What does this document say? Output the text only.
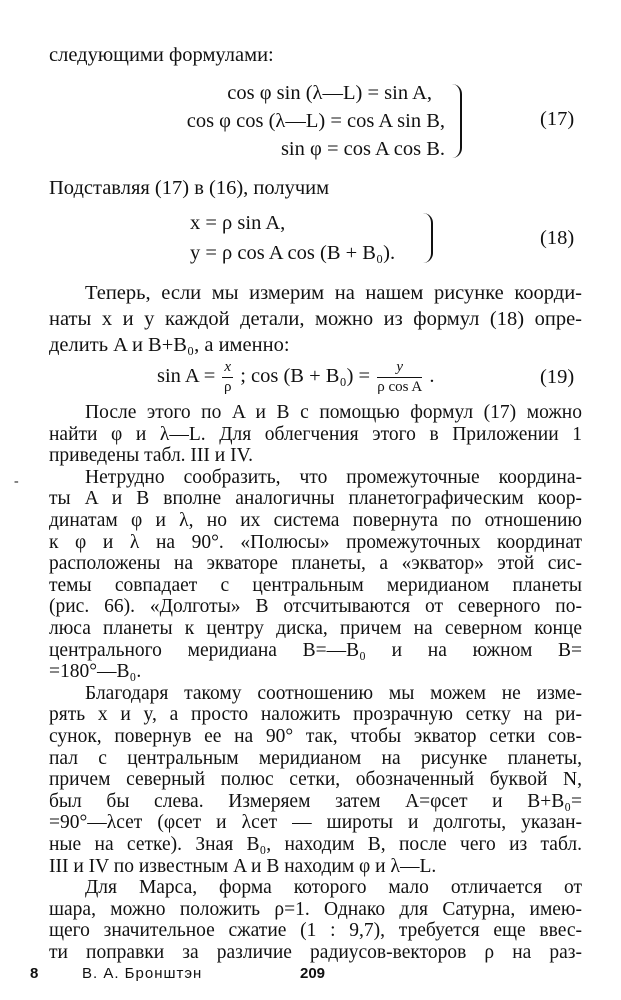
следующими формулами:
cos φ sin (λ—L) = sin A,
cos φ cos (λ—L) = cos A sin B,
sin φ = cos A cos B.
(17)
Подставляя (17) в (16), получим
x = ρ sin A,
y = ρ cos A cos (B + B₀).
(18)
Теперь, если мы измерим на нашем рисунке коорди-
наты x и y каждой детали, можно из формул (18) опре-
делить A и B+B₀, а именно:
$\sin A = \frac{x}{\rho}$ ; $\cos (B + B_0) = \frac{y}{\text{ρ cos A}}$ .	(19)
После этого по A и B с помощью формул (17) можно
найти φ и λ—L. Для облегчения этого в Приложении 1
приведены табл. III и IV.
-	Нетрудно сообразить, что промежуточные координа-
ты A и B вполне аналогичны планетографическим коор-
динатам φ и λ, но их система повернута по отношению
к φ и λ на 90°. «Полюсы» промежуточных координат
расположены на экваторе планеты, а «экватор» этой сис-
темы совпадает с центральным меридианом планеты
(рис. 66). «Долготы» B отсчитываются от северного по-
люса планеты к центру диска, причем на северном конце
центрального меридиана B=—B₀ и на южном B=
=180°—B₀.
Благодаря такому соотношению мы можем не изме-
рять x и y, а просто наложить прозрачную сетку на ри-
сунок, повернув ее на 90° так, чтобы экватор сетки сов-
пал с центральным меридианом на рисунке планеты,
причем северный полюс сетки, обозначенный буквой N,
был бы слева. Измеряем затем A=φсет и B+B₀=
=90°—λсет (φсет и λсет — широты и долготы, указан-
ные на сетке). Зная B₀, находим B, после чего из табл.
III и IV по известным A и B находим φ и λ—L.
Для Марса, форма которого мало отличается от
шара, можно положить ρ=1. Однако для Сатурна, имею-
щего значительное сжатие (1 : 9,7), требуется еще ввес-
ти поправки за различие радиусов-векторов ρ на раз-
8	В. А. Бронштэн	209
